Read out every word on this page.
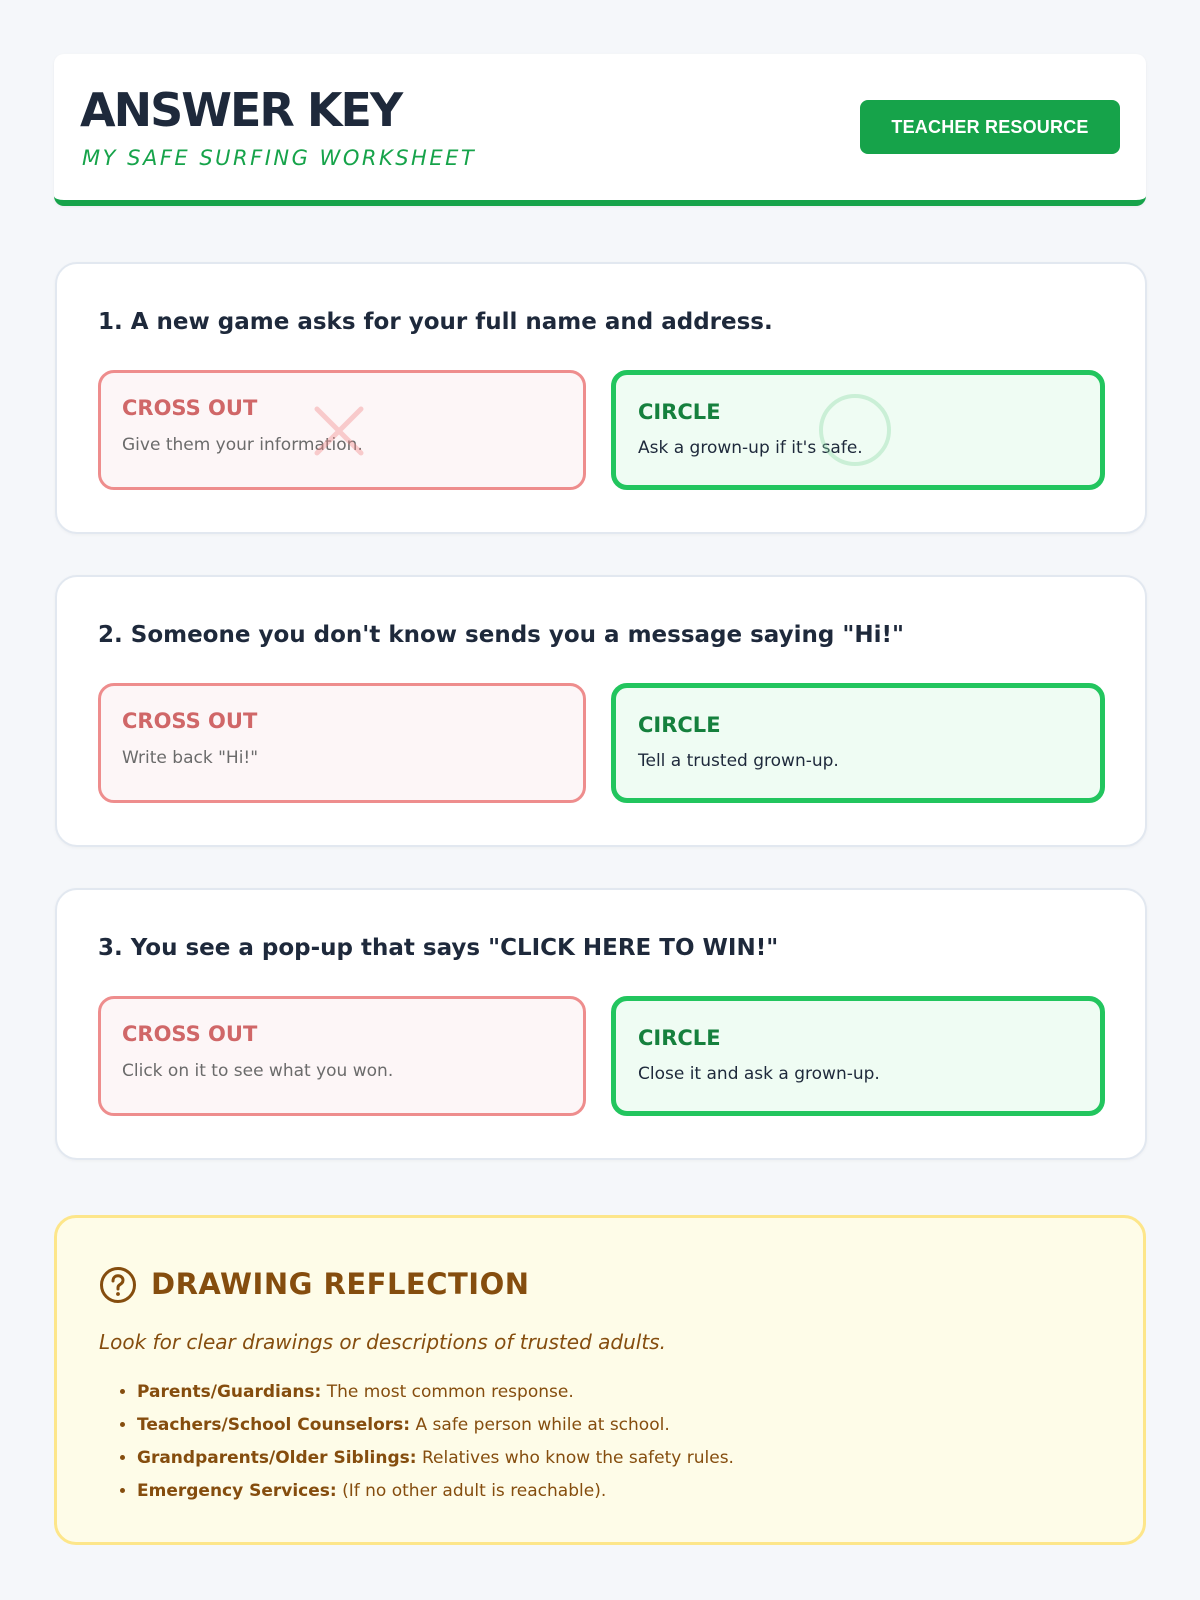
ANSWER KEY
MY SAFE SURFING WORKSHEET
TEACHER RESOURCE
1. A new game asks for your full name and address.
CROSS OUT
Give them your information.
CIRCLE
Ask a grown-up if it's safe.
2. Someone you don't know sends you a message saying "Hi!"
CROSS OUT
Write back "Hi!"
CIRCLE
Tell a trusted grown-up.
3. You see a pop-up that says "CLICK HERE TO WIN!"
CROSS OUT
Click on it to see what you won.
CIRCLE
Close it and ask a grown-up.
DRAWING REFLECTION
Look for clear drawings or descriptions of trusted adults.
• Parents/Guardians: The most common response.
• Teachers/School Counselors: A safe person while at school.
• Grandparents/Older Siblings: Relatives who know the safety rules.
• Emergency Services: (If no other adult is reachable).
